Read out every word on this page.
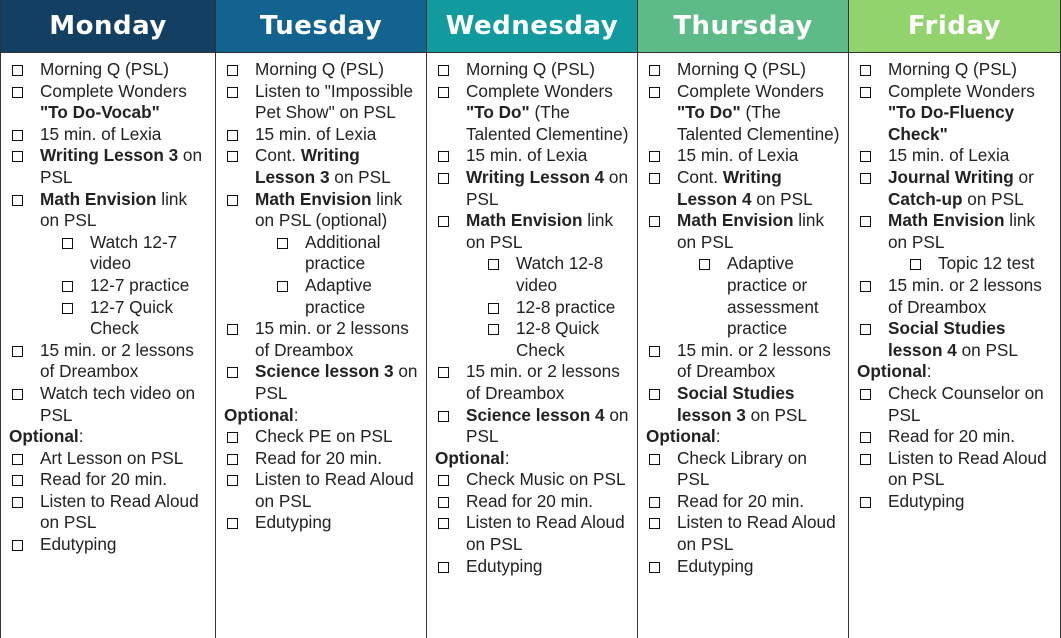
Monday
Morning Q (PSL)
Complete Wonders "To Do-Vocab"
15 min. of Lexia
Writing Lesson 3 on PSL
Math Envision link on PSL
Watch 12-7 video
12-7 practice
12-7 Quick Check
15 min. or 2 lessons of Dreambox
Watch tech video on PSL
Optional:
Art Lesson on PSL
Read for 20 min.
Listen to Read Aloud on PSL
Edutyping
Tuesday
Morning Q (PSL)
Listen to "Impossible Pet Show" on PSL
15 min. of Lexia
Cont. Writing Lesson 3 on PSL
Math Envision link on PSL (optional)
Additional practice
Adaptive practice
15 min. or 2 lessons of Dreambox
Science lesson 3 on PSL
Optional:
Check PE on PSL
Read for 20 min.
Listen to Read Aloud on PSL
Edutyping
Wednesday
Morning Q (PSL)
Complete Wonders "To Do" (The Talented Clementine)
15 min. of Lexia
Writing Lesson 4 on PSL
Math Envision link on PSL
Watch 12-8 video
12-8 practice
12-8 Quick Check
15 min. or 2 lessons of Dreambox
Science lesson 4 on PSL
Optional:
Check Music on PSL
Read for 20 min.
Listen to Read Aloud on PSL
Edutyping
Thursday
Morning Q (PSL)
Complete Wonders "To Do" (The Talented Clementine)
15 min. of Lexia
Cont. Writing Lesson 4 on PSL
Math Envision link on PSL
Adaptive practice or assessment practice
15 min. or 2 lessons of Dreambox
Social Studies lesson 3 on PSL
Optional:
Check Library on PSL
Read for 20 min.
Listen to Read Aloud on PSL
Edutyping
Friday
Morning Q (PSL)
Complete Wonders "To Do-Fluency Check"
15 min. of Lexia
Journal Writing or Catch-up on PSL
Math Envision link on PSL
Topic 12 test
15 min. or 2 lessons of Dreambox
Social Studies lesson 4 on PSL
Optional:
Check Counselor on PSL
Read for 20 min.
Listen to Read Aloud on PSL
Edutyping
